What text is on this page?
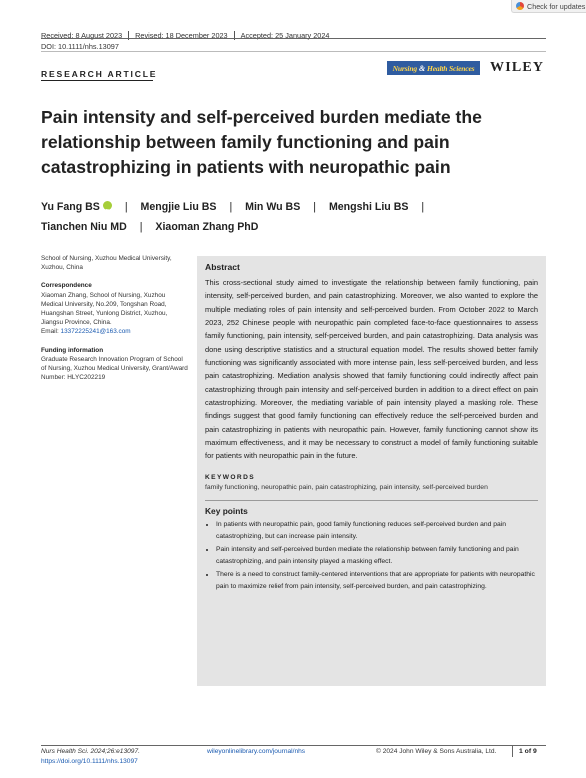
Check for updates
Received: 8 August 2023 Revised: 18 December 2023 Accepted: 25 January 2024
DOI: 10.1111/nhs.13097
RESEARCH ARTICLE
Nursing & Health Sciences WILEY
Pain intensity and self-perceived burden mediate the relationship between family functioning and pain catastrophizing in patients with neuropathic pain
Yu Fang BSiD | Mengjie Liu BS | Min Wu BS | Mengshi Liu BS |
Tianchen Niu MD | Xiaoman Zhang PhD
School of Nursing, Xuzhou Medical University, Xuzhou, China
Correspondence
Xiaoman Zhang, School of Nursing, Xuzhou Medical University, No.209, Tongshan Road, Huangshan Street, Yunlong District, Xuzhou, Jiangsu Province, China.
Email: 13372225241@163.com
Funding information
Graduate Research Innovation Program of School of Nursing, Xuzhou Medical University, Grant/Award Number: HLYC202219
Abstract
This cross-sectional study aimed to investigate the relationship between family functioning, pain intensity, self-perceived burden, and pain catastrophizing. Moreover, we also wanted to explore the multiple mediating roles of pain intensity and self-perceived burden. From October 2022 to March 2023, 252 Chinese people with neuropathic pain completed face-to-face questionnaires to assess family functioning, pain intensity, self-perceived burden, and pain catastrophizing. Data analysis was done using descriptive statistics and a structural equation model. The results showed better family functioning was significantly associated with more intense pain, less self-perceived burden, and less pain catastrophizing. Mediation analysis showed that family functioning could indirectly affect pain catastrophizing through pain intensity and self-perceived burden in addition to a direct effect on pain catastrophizing. Moreover, the mediating variable of pain intensity played a masking role. These findings suggest that good family functioning can effectively reduce the self-perceived burden and pain catastrophizing in patients with neuropathic pain. However, family functioning cannot show its maximum effectiveness, and it may be necessary to construct a model of family functioning suitable for patients with neuropathic pain in the future.
KEYWORDS
family functioning, neuropathic pain, pain catastrophizing, pain intensity, self-perceived burden
Key points
• In patients with neuropathic pain, good family functioning reduces self-perceived burden and pain catastrophizing, but can increase pain intensity.
• Pain intensity and self-perceived burden mediate the relationship between family functioning and pain catastrophizing, and pain intensity played a masking effect.
• There is a need to construct family-centered interventions that are appropriate for patients with neuropathic pain to maximize relief from pain intensity, self-perceived burden, and pain catastrophizing.
Nurs Health Sci. 2024;26:e13097.
https://doi.org/10.1111/nhs.13097
wileyonlinelibrary.com/journal/nhs	© 2024 John Wiley & Sons Australia, Ltd.	1 of 9
